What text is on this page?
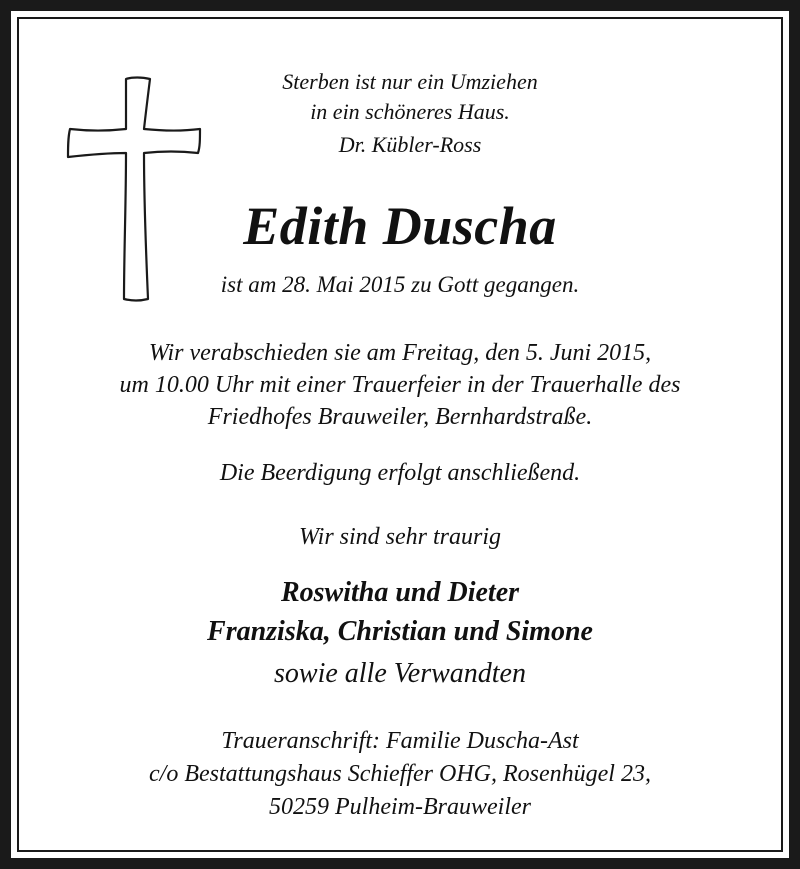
Sterben ist nur ein Umziehen
in ein schöneres Haus.
Dr. Kübler-Ross
Edith Duscha
ist am 28. Mai 2015 zu Gott gegangen.
Wir verabschieden sie am Freitag, den 5. Juni 2015,
um 10.00 Uhr mit einer Trauerfeier in der Trauerhalle des
Friedhofes Brauweiler, Bernhardstraße.
Die Beerdigung erfolgt anschließend.
Wir sind sehr traurig
Roswitha und Dieter
Franziska, Christian und Simone
sowie alle Verwandten
Traueranschrift: Familie Duscha-Ast
c/o Bestattungshaus Schieffer OHG, Rosenhügel 23,
50259 Pulheim-Brauweiler
